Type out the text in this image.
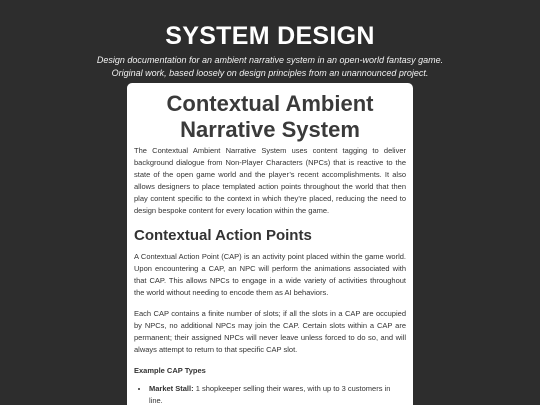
SYSTEM DESIGN

Design documentation for an ambient narrative system in an open-world fantasy game.

Original work, based loosely on design principles from an unannounced project.

Contextual Ambient
Narrative System

The Contextual Ambient Narrative System uses content tagging to deliver background dialogue from Non-Player Characters (NPCs) that is reactive to the state of the open game world and the player’s recent accomplishments. It also allows designers to place templated action points throughout the world that then play content specific to the context in which they’re placed, reducing the need to design bespoke content for every location within the game.

Contextual Action Points

A Contextual Action Point (CAP) is an activity point placed within the game world. Upon encountering a CAP, an NPC will perform the animations associated with that CAP. This allows NPCs to engage in a wide variety of activities throughout the world without needing to encode them as AI behaviors.

Each CAP contains a finite number of slots; if all the slots in a CAP are occupied by NPCs, no additional NPCs may join the CAP. Certain slots within a CAP are permanent; their assigned NPCs will never leave unless forced to do so, and will always attempt to return to that specific CAP slot.

Example CAP Types

• Market Stall: 1 shopkeeper selling their wares, with up to 3 customers in line.
